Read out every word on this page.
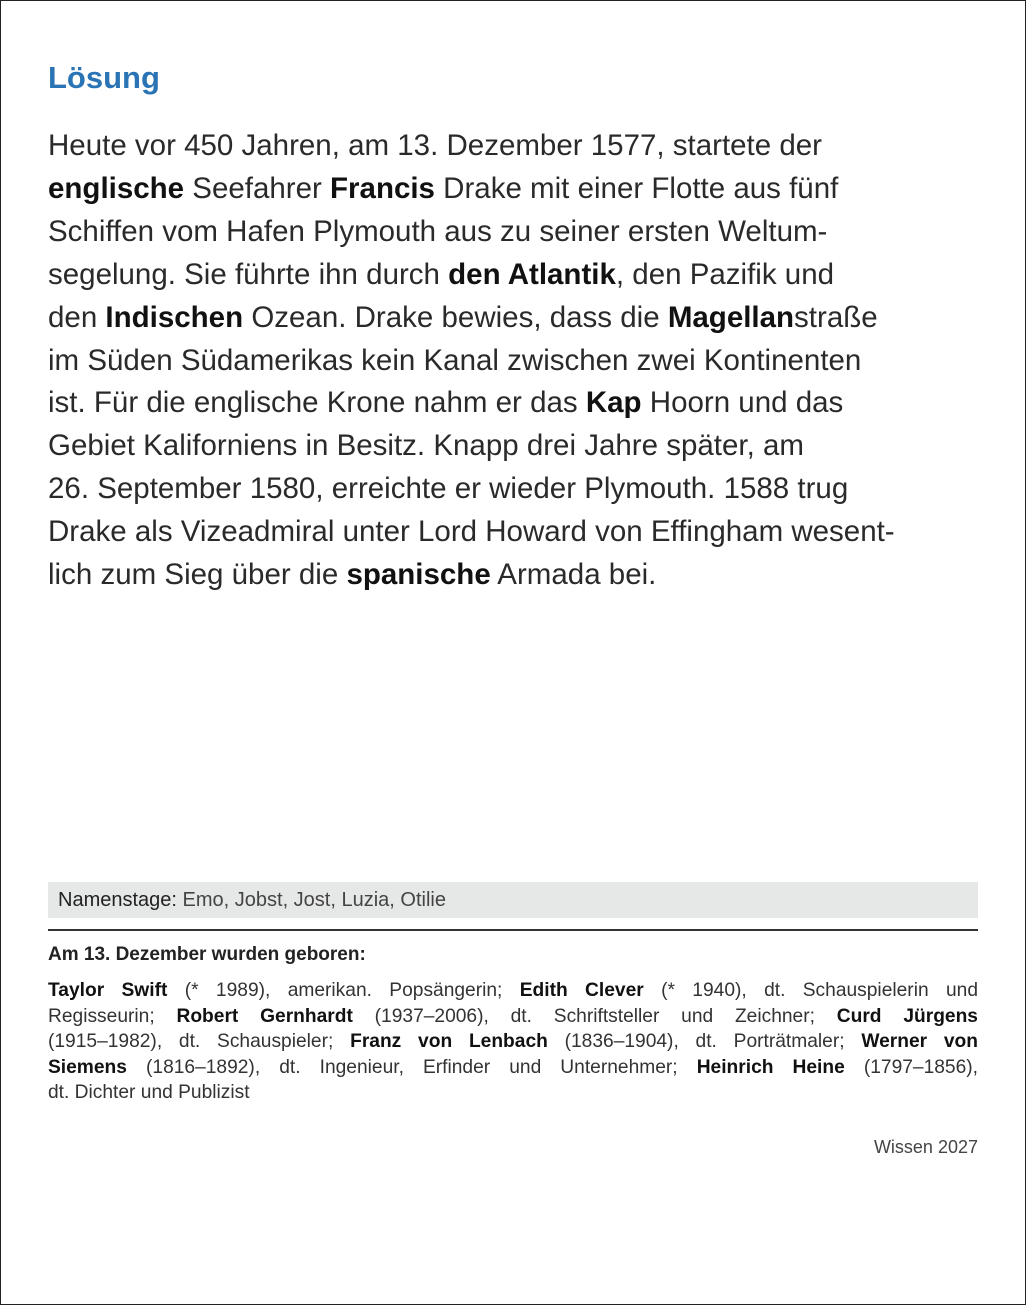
Lösung
Heute vor 450 Jahren, am 13. Dezember 1577, startete der
englische Seefahrer Francis Drake mit einer Flotte aus fünf
Schiffen vom Hafen Plymouth aus zu seiner ersten Weltum-
segelung. Sie führte ihn durch den Atlantik, den Pazifik und
den Indischen Ozean. Drake bewies, dass die Magellanstraße
im Süden Südamerikas kein Kanal zwischen zwei Kontinenten
ist. Für die englische Krone nahm er das Kap Hoorn und das
Gebiet Kaliforniens in Besitz. Knapp drei Jahre später, am
26. September 1580, erreichte er wieder Plymouth. 1588 trug
Drake als Vizeadmiral unter Lord Howard von Effingham wesent-
lich zum Sieg über die spanische Armada bei.
Namenstage: Emo, Jobst, Jost, Luzia, Otilie
Am 13. Dezember wurden geboren:
Taylor Swift (* 1989), amerikan. Popsängerin; Edith Clever (* 1940), dt. Schauspielerin und
Regisseurin; Robert Gernhardt (1937–2006), dt. Schriftsteller und Zeichner; Curd Jürgens
(1915–1982), dt. Schauspieler; Franz von Lenbach (1836–1904), dt. Porträtmaler; Werner von
Siemens (1816–1892), dt. Ingenieur, Erfinder und Unternehmer; Heinrich Heine (1797–1856),
dt. Dichter und Publizist
Wissen 2027
